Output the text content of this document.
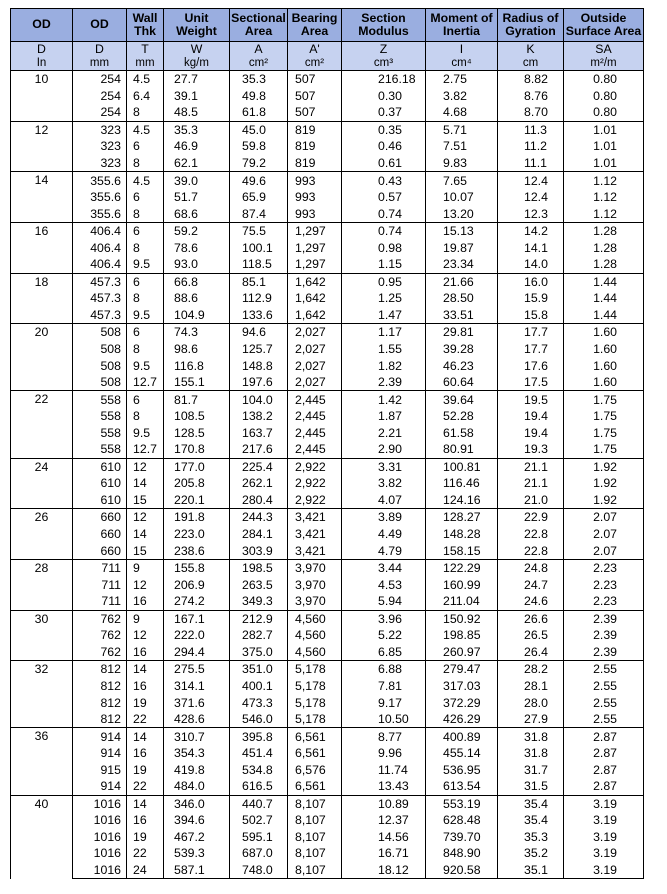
OD	OD	Wall Thk	Unit Weight	Sectional Area	Bearing Area	Section Modulus	Moment of Inertia	Radius of Gyration	Outside Surface Area
D	D	T	W	A	A'	Z	I	K	SA
In	mm	mm	kg/m	cm²	cm²	cm³	cm⁴	cm	m²/m
10	254	4.5	27.7	35.3	507	216.18	2.75	8.82	0.80
	254	6.4	39.1	49.8	507	0.30	3.82	8.76	0.80
	254	8	48.5	61.8	507	0.37	4.68	8.70	0.80
12	323	4.5	35.3	45.0	819	0.35	5.71	11.3	1.01
	323	6	46.9	59.8	819	0.46	7.51	11.2	1.01
	323	8	62.1	79.2	819	0.61	9.83	11.1	1.01
14	355.6	4.5	39.0	49.6	993	0.43	7.65	12.4	1.12
	355.6	6	51.7	65.9	993	0.57	10.07	12.4	1.12
	355.6	8	68.6	87.4	993	0.74	13.20	12.3	1.12
16	406.4	6	59.2	75.5	1,297	0.74	15.13	14.2	1.28
	406.4	8	78.6	100.1	1,297	0.98	19.87	14.1	1.28
	406.4	9.5	93.0	118.5	1,297	1.15	23.34	14.0	1.28
18	457.3	6	66.8	85.1	1,642	0.95	21.66	16.0	1.44
	457.3	8	88.6	112.9	1,642	1.25	28.50	15.9	1.44
	457.3	9.5	104.9	133.6	1,642	1.47	33.51	15.8	1.44
20	508	6	74.3	94.6	2,027	1.17	29.81	17.7	1.60
	508	8	98.6	125.7	2,027	1.55	39.28	17.7	1.60
	508	9.5	116.8	148.8	2,027	1.82	46.23	17.6	1.60
	508	12.7	155.1	197.6	2,027	2.39	60.64	17.5	1.60
22	558	6	81.7	104.0	2,445	1.42	39.64	19.5	1.75
	558	8	108.5	138.2	2,445	1.87	52.28	19.4	1.75
	558	9.5	128.5	163.7	2,445	2.21	61.58	19.4	1.75
	558	12.7	170.8	217.6	2,445	2.90	80.91	19.3	1.75
24	610	12	177.0	225.4	2,922	3.31	100.81	21.1	1.92
	610	14	205.8	262.1	2,922	3.82	116.46	21.1	1.92
	610	15	220.1	280.4	2,922	4.07	124.16	21.0	1.92
26	660	12	191.8	244.3	3,421	3.89	128.27	22.9	2.07
	660	14	223.0	284.1	3,421	4.49	148.28	22.8	2.07
	660	15	238.6	303.9	3,421	4.79	158.15	22.8	2.07
28	711	9	155.8	198.5	3,970	3.44	122.29	24.8	2.23
	711	12	206.9	263.5	3,970	4.53	160.99	24.7	2.23
	711	16	274.2	349.3	3,970	5.94	211.04	24.6	2.23
30	762	9	167.1	212.9	4,560	3.96	150.92	26.6	2.39
	762	12	222.0	282.7	4,560	5.22	198.85	26.5	2.39
	762	16	294.4	375.0	4,560	6.85	260.97	26.4	2.39
32	812	14	275.5	351.0	5,178	6.88	279.47	28.2	2.55
	812	16	314.1	400.1	5,178	7.81	317.03	28.1	2.55
	812	19	371.6	473.3	5,178	9.17	372.29	28.0	2.55
	812	22	428.6	546.0	5,178	10.50	426.29	27.9	2.55
36	914	14	310.7	395.8	6,561	8.77	400.89	31.8	2.87
	914	16	354.3	451.4	6,561	9.96	455.14	31.8	2.87
	915	19	419.8	534.8	6,576	11.74	536.95	31.7	2.87
	914	22	484.0	616.5	6,561	13.43	613.54	31.5	2.87
40	1016	14	346.0	440.7	8,107	10.89	553.19	35.4	3.19
	1016	16	394.6	502.7	8,107	12.37	628.48	35.4	3.19
	1016	19	467.2	595.1	8,107	14.56	739.70	35.3	3.19
	1016	22	539.3	687.0	8,107	16.71	848.90	35.2	3.19
	1016	24	587.1	748.0	8,107	18.12	920.58	35.1	3.19
